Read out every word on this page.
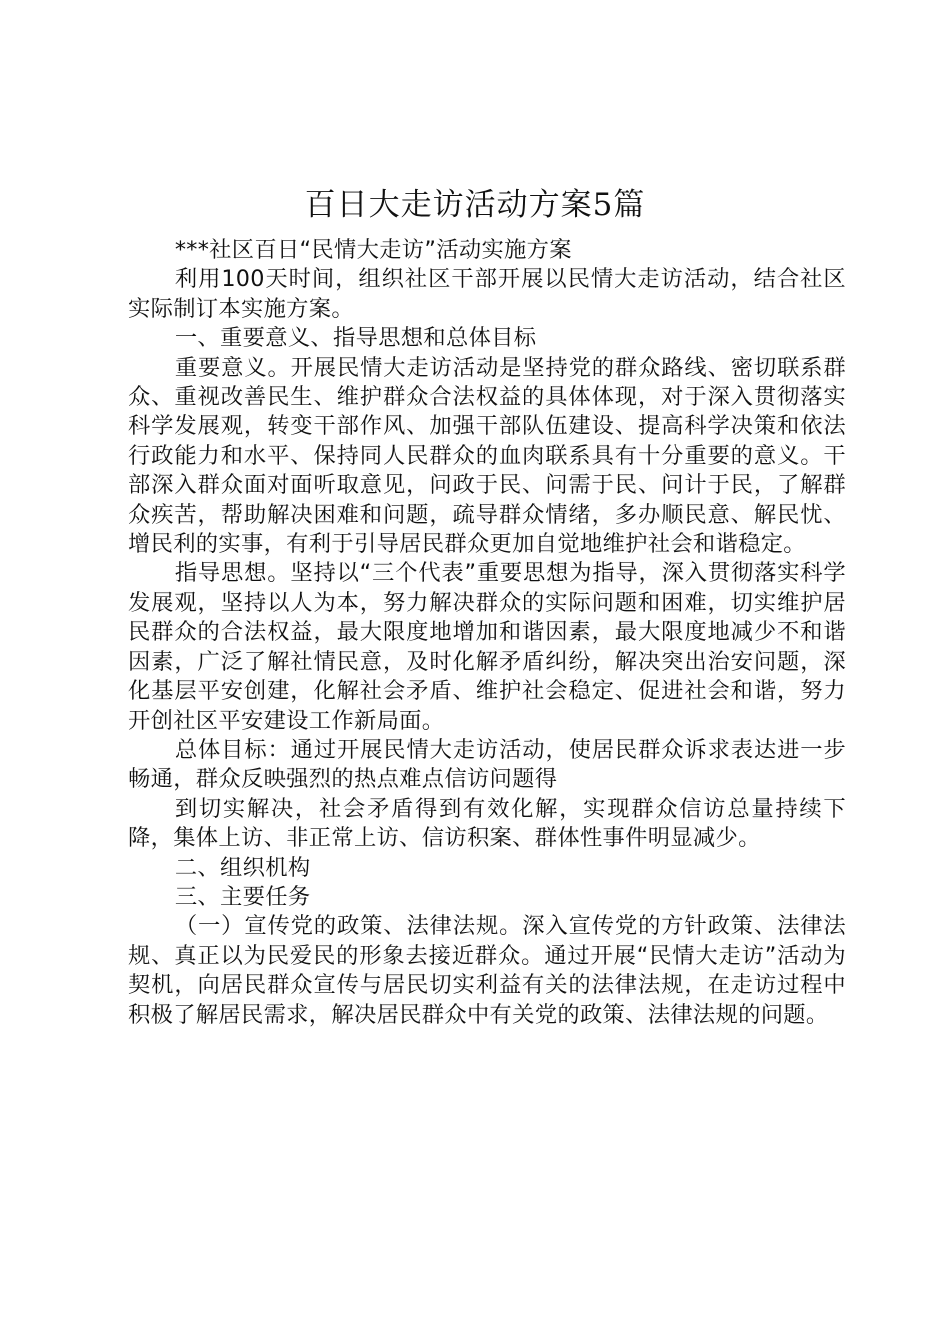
百日大走访活动方案5篇

***社区百日“民情大走访”活动实施方案

利用100天时间，组织社区干部开展以民情大走访活动，结合社区实际制订本实施方案。

一、重要意义、指导思想和总体目标

重要意义。开展民情大走访活动是坚持党的群众路线、密切联系群众、重视改善民生、维护群众合法权益的具体体现，对于深入贯彻落实科学发展观，转变干部作风、加强干部队伍建设、提高科学决策和依法行政能力和水平、保持同人民群众的血肉联系具有十分重要的意义。干部深入群众面对面听取意见，问政于民、问需于民、问计于民，了解群众疾苦，帮助解决困难和问题，疏导群众情绪，多办顺民意、解民忧、增民利的实事，有利于引导居民群众更加自觉地维护社会和谐稳定。

指导思想。坚持以“三个代表”重要思想为指导，深入贯彻落实科学发展观，坚持以人为本，努力解决群众的实际问题和困难，切实维护居民群众的合法权益，最大限度地增加和谐因素，最大限度地减少不和谐因素，广泛了解社情民意，及时化解矛盾纠纷，解决突出治安问题，深化基层平安创建，化解社会矛盾、维护社会稳定、促进社会和谐，努力开创社区平安建设工作新局面。

总体目标：通过开展民情大走访活动，使居民群众诉求表达进一步畅通，群众反映强烈的热点难点信访问题得

到切实解决，社会矛盾得到有效化解，实现群众信访总量持续下降，集体上访、非正常上访、信访积案、群体性事件明显减少。

二、组织机构

三、主要任务

（一）宣传党的政策、法律法规。深入宣传党的方针政策、法律法规、真正以为民爱民的形象去接近群众。通过开展“民情大走访”活动为契机，向居民群众宣传与居民切实利益有关的法律法规，在走访过程中积极了解居民需求，解决居民群众中有关党的政策、法律法规的问题。
